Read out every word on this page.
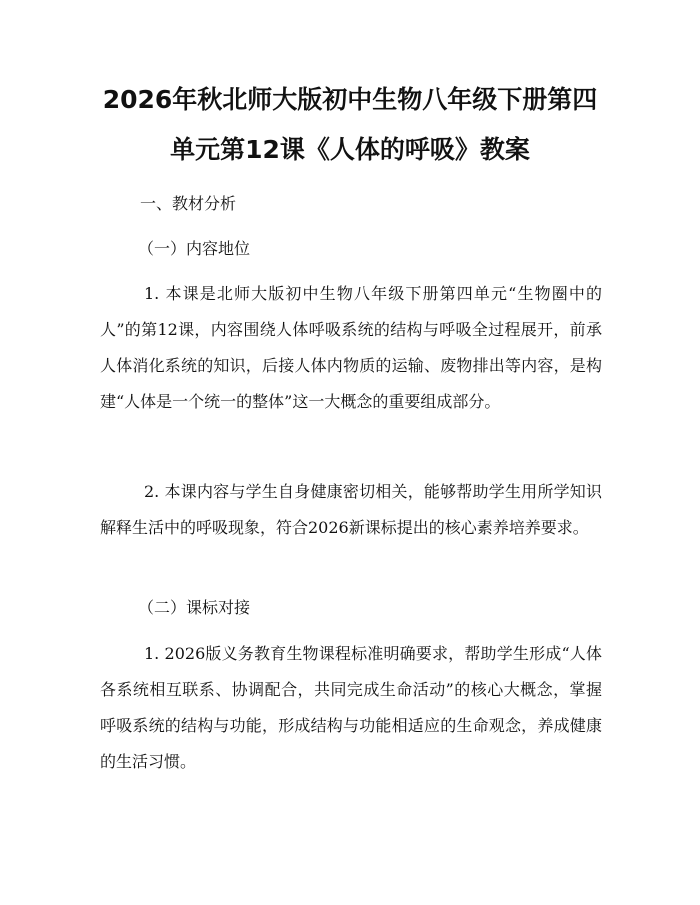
2026年秋北师大版初中生物八年级下册第四
单元第12课《人体的呼吸》教案
一、教材分析
（一）内容地位

1. 本课是北师大版初中生物八年级下册第四单元“生物圈中的人”的第12课，内容围绕人体呼吸系统的结构与呼吸全过程展开，前承人体消化系统的知识，后接人体内物质的运输、废物排出等内容，是构建“人体是一个统一的整体”这一大概念的重要组成部分。

2. 本课内容与学生自身健康密切相关，能够帮助学生用所学知识解释生活中的呼吸现象，符合2026新课标提出的核心素养培养要求。

（二）课标对接

1. 2026版义务教育生物课程标准明确要求，帮助学生形成“人体各系统相互联系、协调配合，共同完成生命活动”的核心大概念，掌握呼吸系统的结构与功能，形成结构与功能相适应的生命观念，养成健康的生活习惯。
